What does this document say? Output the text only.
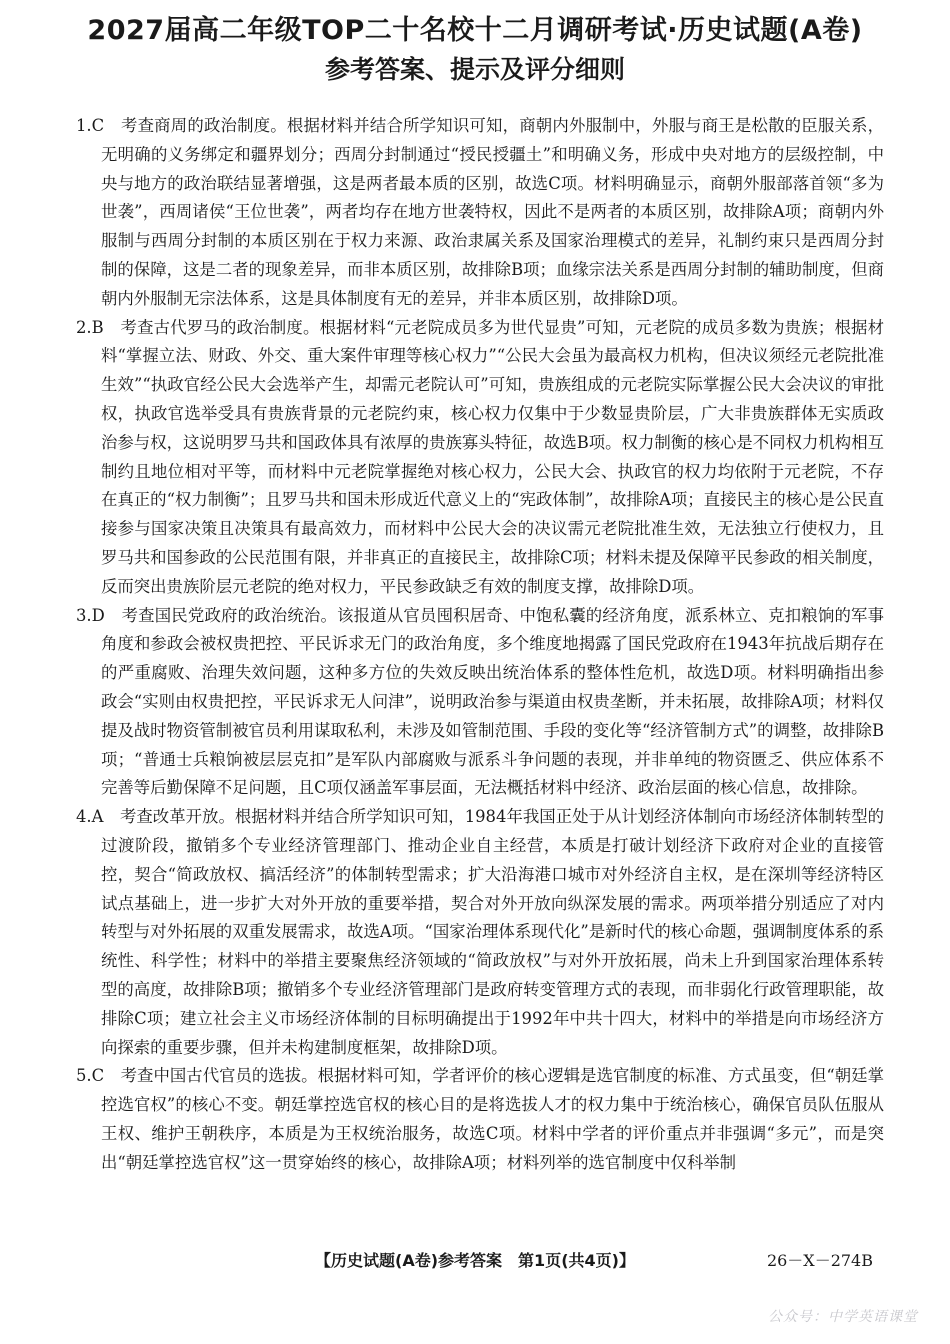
2027届高二年级TOP二十名校十二月调研考试·历史试题(A卷)
参考答案、提示及评分细则

1.C　 考查商周的政治制度。根据材料并结合所学知识可知，商朝内外服制中，外服与商王是松散的臣服关系，无明确的义务绑定和疆界划分；西周分封制通过“授民授疆土”和明确义务，形成中央对地方的层级控制，中央与地方的政治联结显著增强，这是两者最本质的区别，故选C项。材料明确显示，商朝外服部落首领“多为世袭”，西周诸侯“王位世袭”，两者均存在地方世袭特权，因此不是两者的本质区别，故排除A项；商朝内外服制与西周分封制的本质区别在于权力来源、政治隶属关系及国家治理模式的差异，礼制约束只是西周分封制的保障，这是二者的现象差异，而非本质区别，故排除B项；血缘宗法关系是西周分封制的辅助制度，但商朝内外服制无宗法体系，这是具体制度有无的差异，并非本质区别，故排除D项。

2.B　 考查古代罗马的政治制度。根据材料“元老院成员多为世代显贵”可知，元老院的成员多数为贵族；根据材料“掌握立法、财政、外交、重大案件审理等核心权力”“公民大会虽为最高权力机构，但决议须经元老院批准生效”“执政官经公民大会选举产生，却需元老院认可”可知，贵族组成的元老院实际掌握公民大会决议的审批权，执政官选举受具有贵族背景的元老院约束，核心权力仅集中于少数显贵阶层，广大非贵族群体无实质政治参与权，这说明罗马共和国政体具有浓厚的贵族寡头特征，故选B项。权力制衡的核心是不同权力机构相互制约且地位相对平等，而材料中元老院掌握绝对核心权力，公民大会、执政官的权力均依附于元老院，不存在真正的“权力制衡”；且罗马共和国未形成近代意义上的“宪政体制”，故排除A项；直接民主的核心是公民直接参与国家决策且决策具有最高效力，而材料中公民大会的决议需元老院批准生效，无法独立行使权力，且罗马共和国参政的公民范围有限，并非真正的直接民主，故排除C项；材料未提及保障平民参政的相关制度，反而突出贵族阶层元老院的绝对权力，平民参政缺乏有效的制度支撑，故排除D项。

3.D　 考查国民党政府的政治统治。该报道从官员囤积居奇、中饱私囊的经济角度，派系林立、克扣粮饷的军事角度和参政会被权贵把控、平民诉求无门的政治角度，多个维度地揭露了国民党政府在1943年抗战后期存在的严重腐败、治理失效问题，这种多方位的失效反映出统治体系的整体性危机，故选D项。材料明确指出参政会“实则由权贵把控，平民诉求无人问津”，说明政治参与渠道由权贵垄断，并未拓展，故排除A项；材料仅提及战时物资管制被官员利用谋取私利，未涉及如管制范围、手段的变化等“经济管制方式”的调整，故排除B项；“普通士兵粮饷被层层克扣”是军队内部腐败与派系斗争问题的表现，并非单纯的物资匮乏、供应体系不完善等后勤保障不足问题，且C项仅涵盖军事层面，无法概括材料中经济、政治层面的核心信息，故排除。

4.A　 考查改革开放。根据材料并结合所学知识可知，1984年我国正处于从计划经济体制向市场经济体制转型的过渡阶段，撤销多个专业经济管理部门、推动企业自主经营，本质是打破计划经济下政府对企业的直接管控，契合“简政放权、搞活经济”的体制转型需求；扩大沿海港口城市对外经济自主权，是在深圳等经济特区试点基础上，进一步扩大对外开放的重要举措，契合对外开放向纵深发展的需求。两项举措分别适应了对内转型与对外拓展的双重发展需求，故选A项。“国家治理体系现代化”是新时代的核心命题，强调制度体系的系统性、科学性；材料中的举措主要聚焦经济领域的“简政放权”与对外开放拓展，尚未上升到国家治理体系转型的高度，故排除B项；撤销多个专业经济管理部门是政府转变管理方式的表现，而非弱化行政管理职能，故排除C项；建立社会主义市场经济体制的目标明确提出于1992年中共十四大，材料中的举措是向市场经济方向探索的重要步骤，但并未构建制度框架，故排除D项。

5.C　 考查中国古代官员的选拔。根据材料可知，学者评价的核心逻辑是选官制度的标准、方式虽变，但“朝廷掌控选官权”的核心不变。朝廷掌控选官权的核心目的是将选拔人才的权力集中于统治核心，确保官员队伍服从王权、维护王朝秩序，本质是为王权统治服务，故选C项。材料中学者的评价重点并非强调“多元”，而是突出“朝廷掌控选官权”这一贯穿始终的核心，故排除A项；材料列举的选官制度中仅科举制

【历史试题(A卷)参考答案　第1页(共4页)】	26－X－274B
公众号：中学英语课堂
